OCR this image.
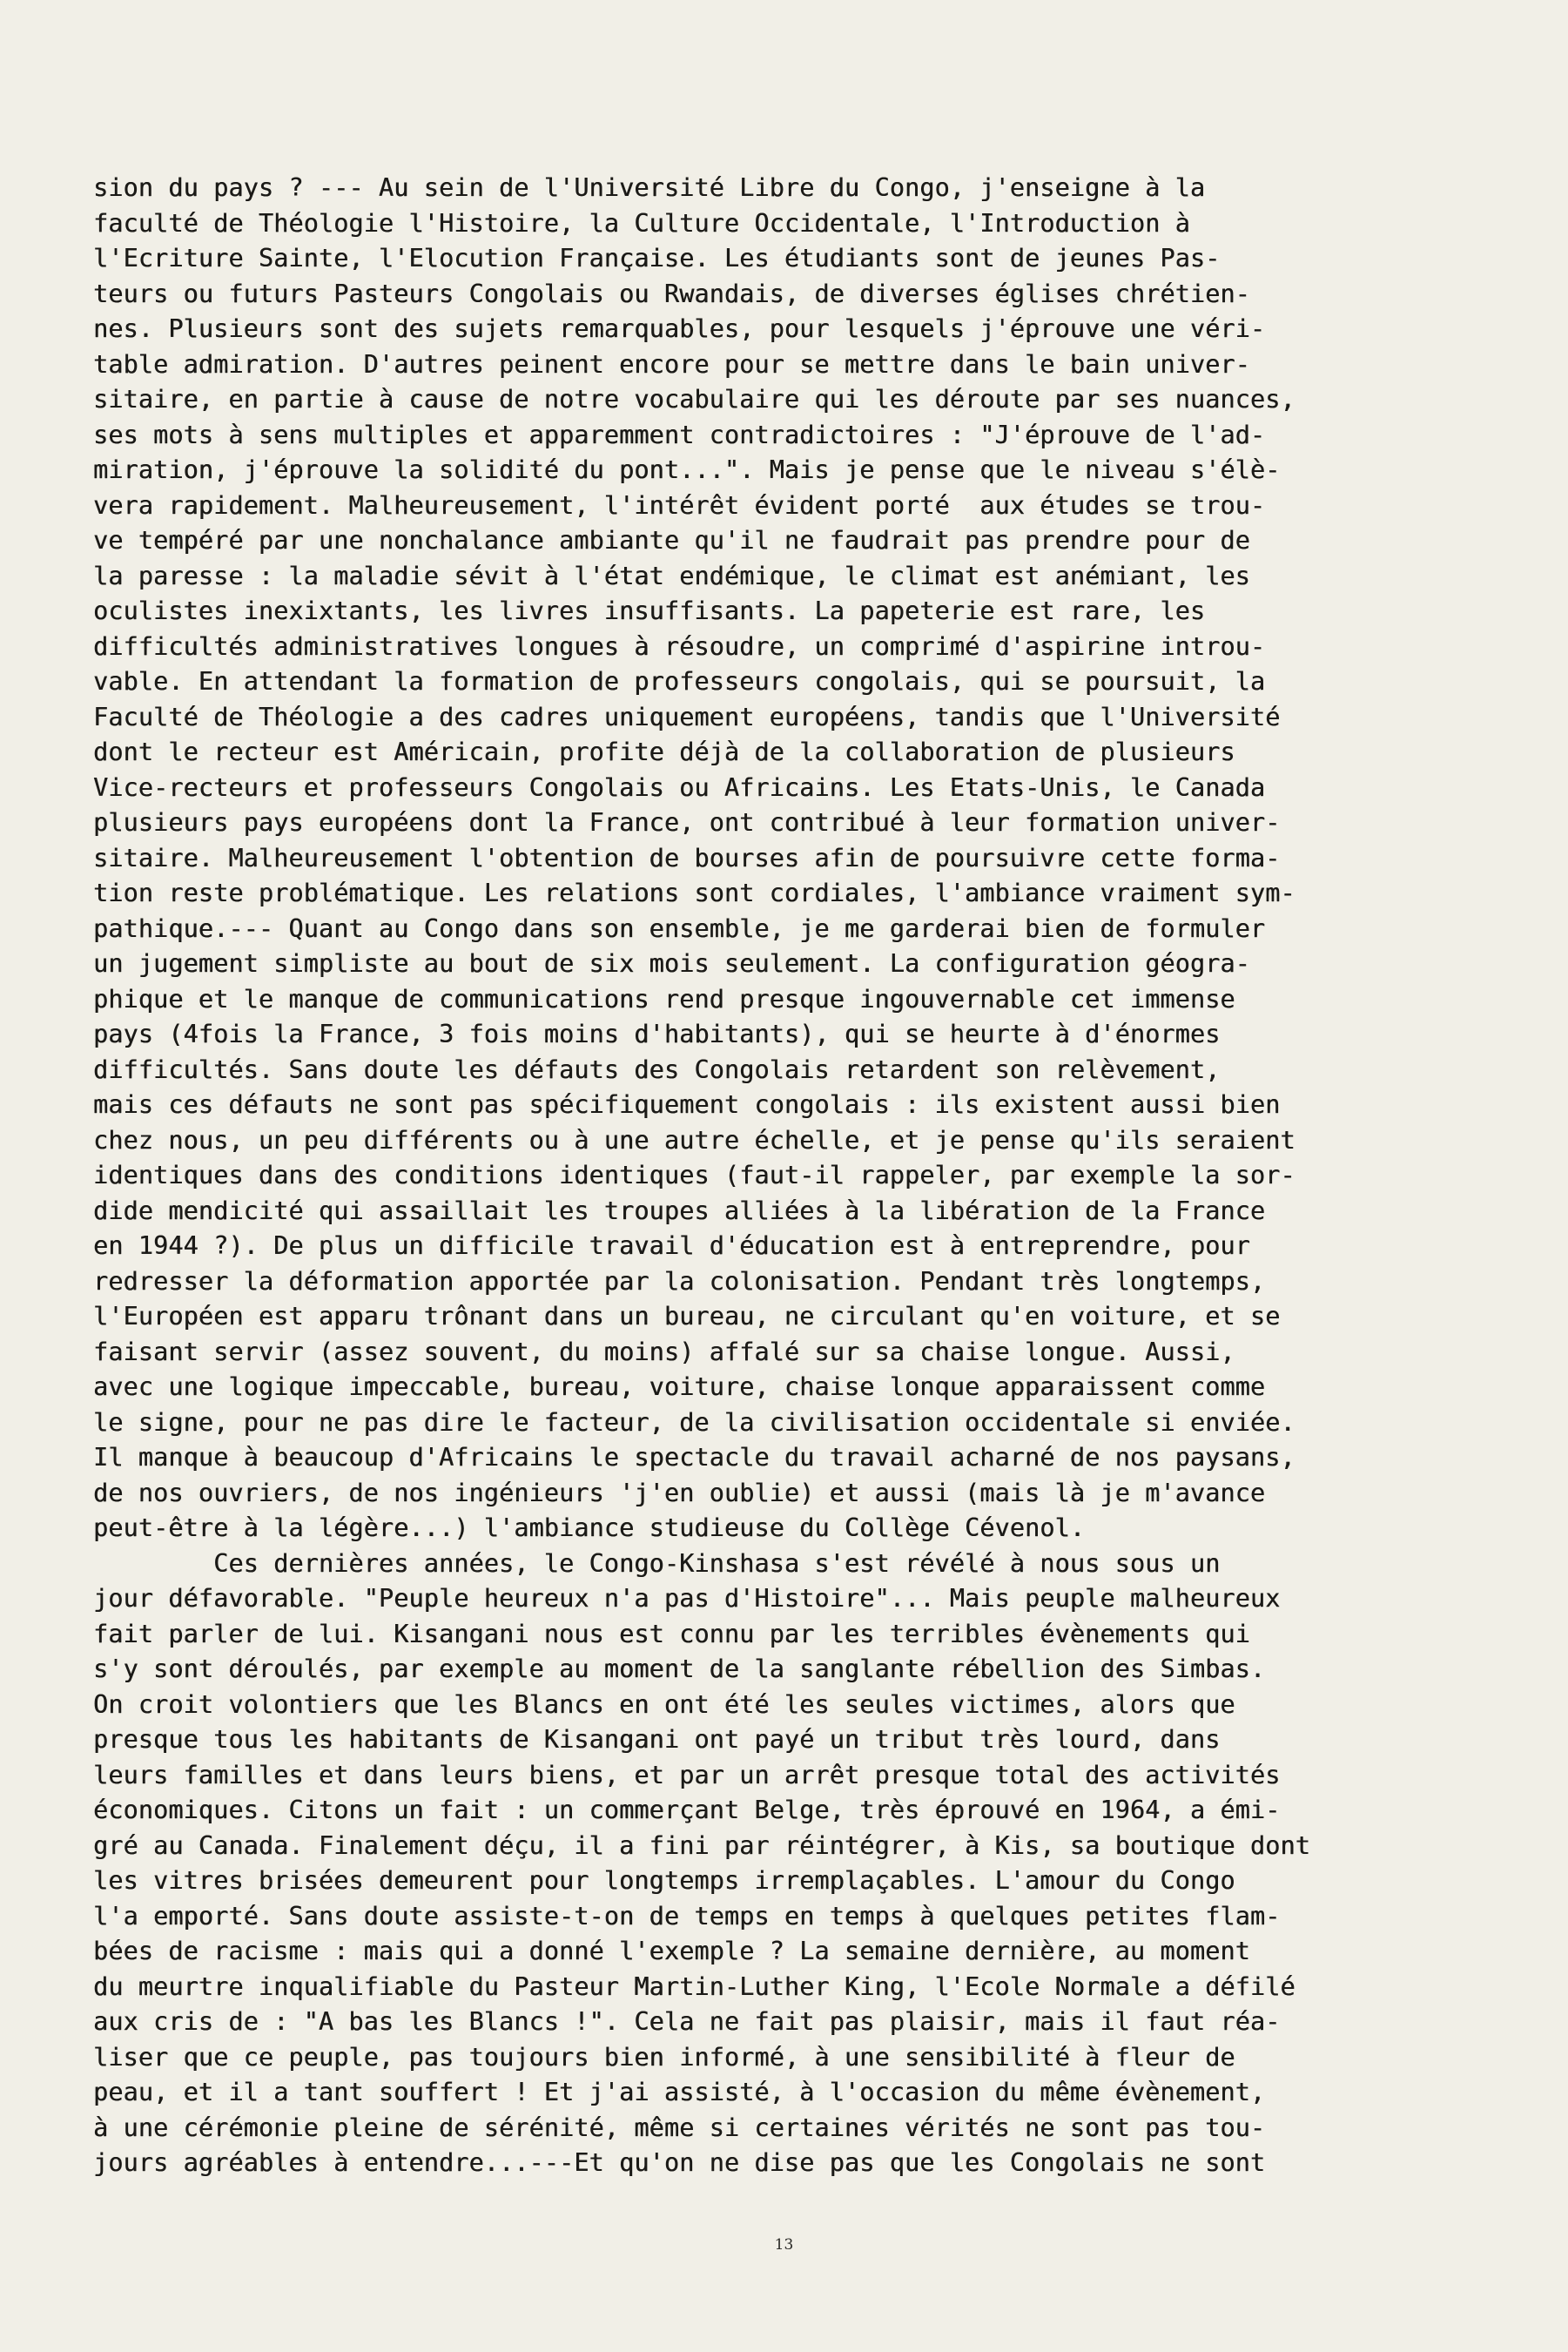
sion du pays ? --- Au sein de l'Université Libre du Congo, j'enseigne à la
faculté de Théologie l'Histoire, la Culture Occidentale, l'Introduction à
l'Ecriture Sainte, l'Elocution Française. Les étudiants sont de jeunes Pas-
teurs ou futurs Pasteurs Congolais ou Rwandais, de diverses églises chrétien-
nes. Plusieurs sont des sujets remarquables, pour lesquels j'éprouve une véri-
table admiration. D'autres peinent encore pour se mettre dans le bain univer-
sitaire, en partie à cause de notre vocabulaire qui les déroute par ses nuances,
ses mots à sens multiples et apparemment contradictoires : "J'éprouve de l'ad-
miration, j'éprouve la solidité du pont...". Mais je pense que le niveau s'élè-
vera rapidement. Malheureusement, l'intérêt évident porté  aux études se trou-
ve tempéré par une nonchalance ambiante qu'il ne faudrait pas prendre pour de
la paresse : la maladie sévit à l'état endémique, le climat est anémiant, les
oculistes inexixtants, les livres insuffisants. La papeterie est rare, les
difficultés administratives longues à résoudre, un comprimé d'aspirine introu-
vable. En attendant la formation de professeurs congolais, qui se poursuit, la
Faculté de Théologie a des cadres uniquement européens, tandis que l'Université
dont le recteur est Américain, profite déjà de la collaboration de plusieurs
Vice-recteurs et professeurs Congolais ou Africains. Les Etats-Unis, le Canada
plusieurs pays européens dont la France, ont contribué à leur formation univer-
sitaire. Malheureusement l'obtention de bourses afin de poursuivre cette forma-
tion reste problématique. Les relations sont cordiales, l'ambiance vraiment sym-
pathique.--- Quant au Congo dans son ensemble, je me garderai bien de formuler
un jugement simpliste au bout de six mois seulement. La configuration géogra-
phique et le manque de communications rend presque ingouvernable cet immense
pays (4fois la France, 3 fois moins d'habitants), qui se heurte à d'énormes
difficultés. Sans doute les défauts des Congolais retardent son relèvement,
mais ces défauts ne sont pas spécifiquement congolais : ils existent aussi bien
chez nous, un peu différents ou à une autre échelle, et je pense qu'ils seraient
identiques dans des conditions identiques (faut-il rappeler, par exemple la sor-
dide mendicité qui assaillait les troupes alliées à la libération de la France
en 1944 ?). De plus un difficile travail d'éducation est à entreprendre, pour
redresser la déformation apportée par la colonisation. Pendant très longtemps,
l'Européen est apparu trônant dans un bureau, ne circulant qu'en voiture, et se
faisant servir (assez souvent, du moins) affalé sur sa chaise longue. Aussi,
avec une logique impeccable, bureau, voiture, chaise lonque apparaissent comme
le signe, pour ne pas dire le facteur, de la civilisation occidentale si enviée.
Il manque à beaucoup d'Africains le spectacle du travail acharné de nos paysans,
de nos ouvriers, de nos ingénieurs 'j'en oublie) et aussi (mais là je m'avance
peut-être à la légère...) l'ambiance studieuse du Collège Cévenol.
Ces dernières années, le Congo-Kinshasa s'est révélé à nous sous un
jour défavorable. "Peuple heureux n'a pas d'Histoire"... Mais peuple malheureux
fait parler de lui. Kisangani nous est connu par les terribles évènements qui
s'y sont déroulés, par exemple au moment de la sanglante rébellion des Simbas.
On croit volontiers que les Blancs en ont été les seules victimes, alors que
presque tous les habitants de Kisangani ont payé un tribut très lourd, dans
leurs familles et dans leurs biens, et par un arrêt presque total des activités
économiques. Citons un fait : un commerçant Belge, très éprouvé en 1964, a émi-
gré au Canada. Finalement déçu, il a fini par réintégrer, à Kis, sa boutique dont
les vitres brisées demeurent pour longtemps irremplaçables. L'amour du Congo
l'a emporté. Sans doute assiste-t-on de temps en temps à quelques petites flam-
bées de racisme : mais qui a donné l'exemple ? La semaine dernière, au moment
du meurtre inqualifiable du Pasteur Martin-Luther King, l'Ecole Normale a défilé
aux cris de : "A bas les Blancs !". Cela ne fait pas plaisir, mais il faut réa-
liser que ce peuple, pas toujours bien informé, à une sensibilité à fleur de
peau, et il a tant souffert ! Et j'ai assisté, à l'occasion du même évènement,
à une cérémonie pleine de sérénité, même si certaines vérités ne sont pas tou-
jours agréables à entendre...---Et qu'on ne dise pas que les Congolais ne sont
13
